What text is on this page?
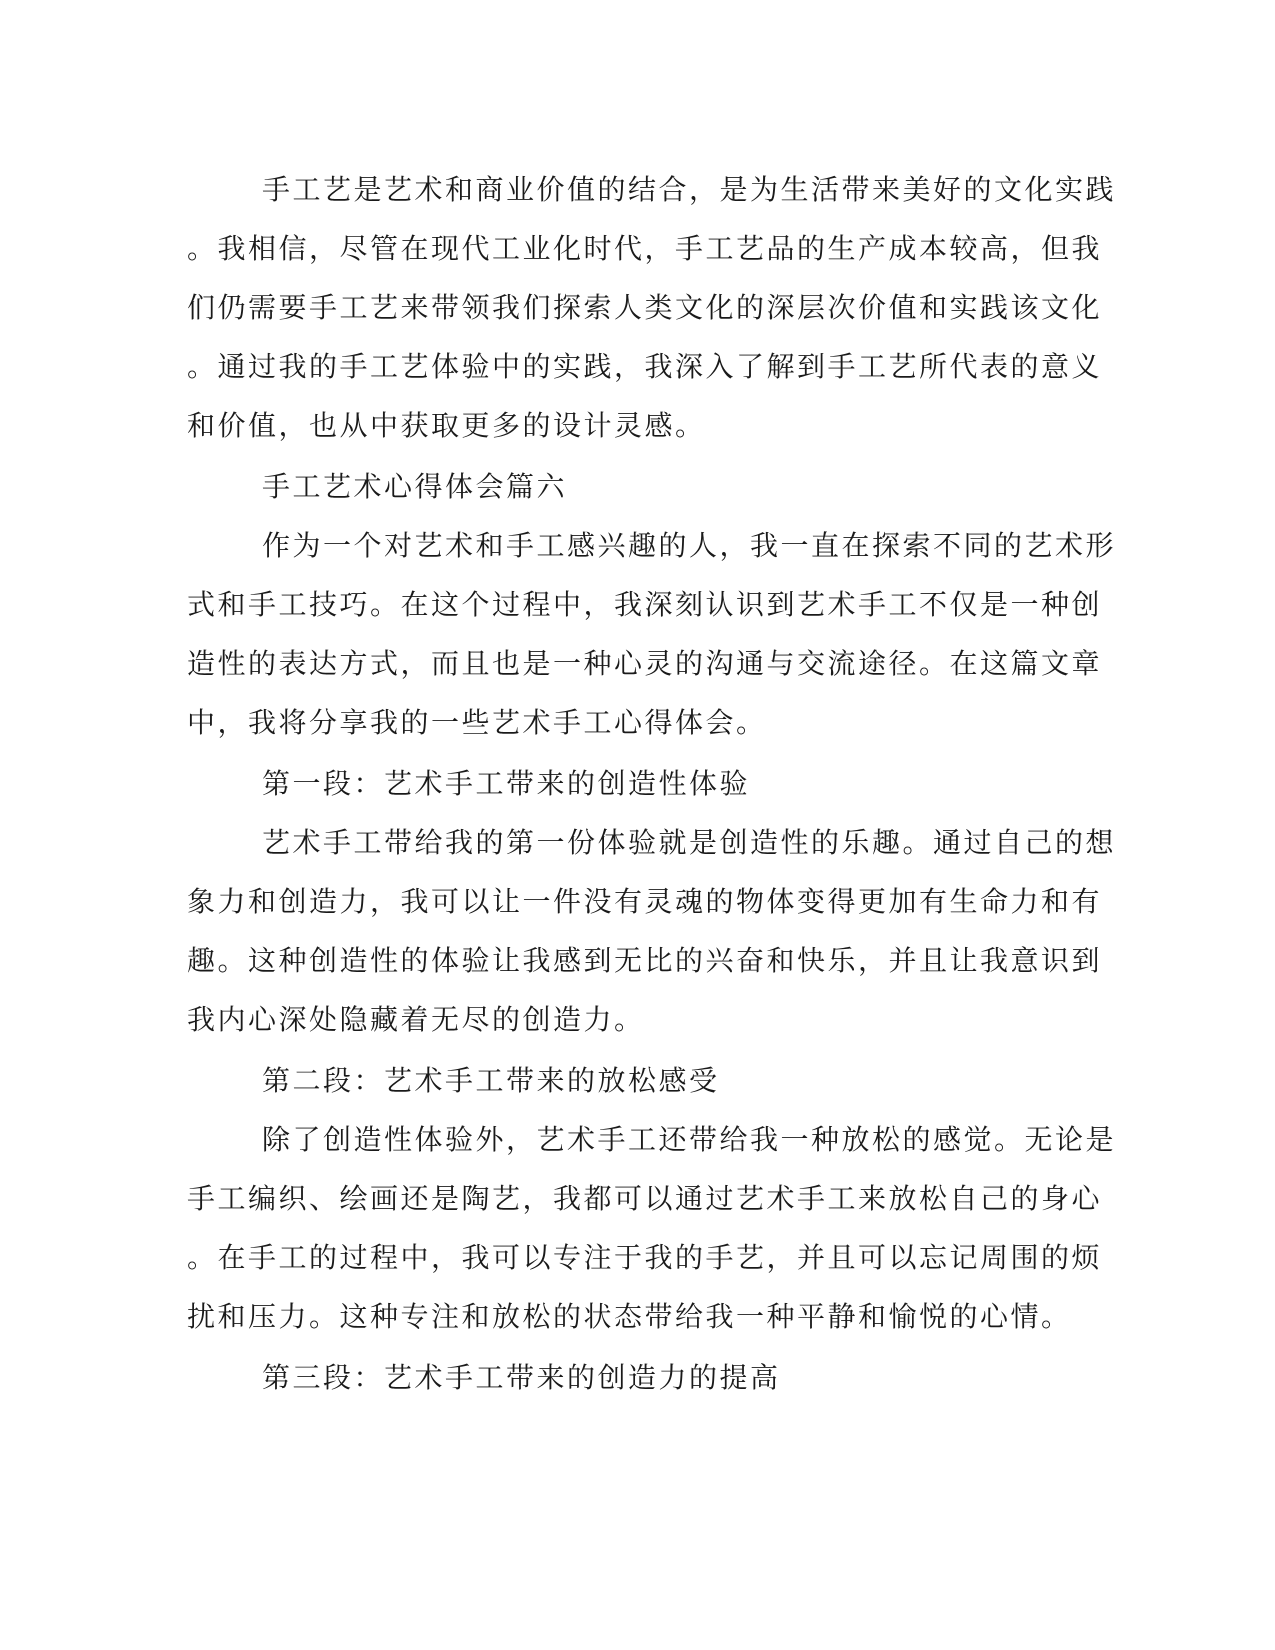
手工艺是艺术和商业价值的结合，是为生活带来美好的文化实践
。我相信，尽管在现代工业化时代，手工艺品的生产成本较高，但我
们仍需要手工艺来带领我们探索人类文化的深层次价值和实践该文化
。通过我的手工艺体验中的实践，我深入了解到手工艺所代表的意义
和价值，也从中获取更多的设计灵感。
手工艺术心得体会篇六
作为一个对艺术和手工感兴趣的人，我一直在探索不同的艺术形
式和手工技巧。在这个过程中，我深刻认识到艺术手工不仅是一种创
造性的表达方式，而且也是一种心灵的沟通与交流途径。在这篇文章
中，我将分享我的一些艺术手工心得体会。
第一段：艺术手工带来的创造性体验
艺术手工带给我的第一份体验就是创造性的乐趣。通过自己的想
象力和创造力，我可以让一件没有灵魂的物体变得更加有生命力和有
趣。这种创造性的体验让我感到无比的兴奋和快乐，并且让我意识到
我内心深处隐藏着无尽的创造力。
第二段：艺术手工带来的放松感受
除了创造性体验外，艺术手工还带给我一种放松的感觉。无论是
手工编织、绘画还是陶艺，我都可以通过艺术手工来放松自己的身心
。在手工的过程中，我可以专注于我的手艺，并且可以忘记周围的烦
扰和压力。这种专注和放松的状态带给我一种平静和愉悦的心情。
第三段：艺术手工带来的创造力的提高
